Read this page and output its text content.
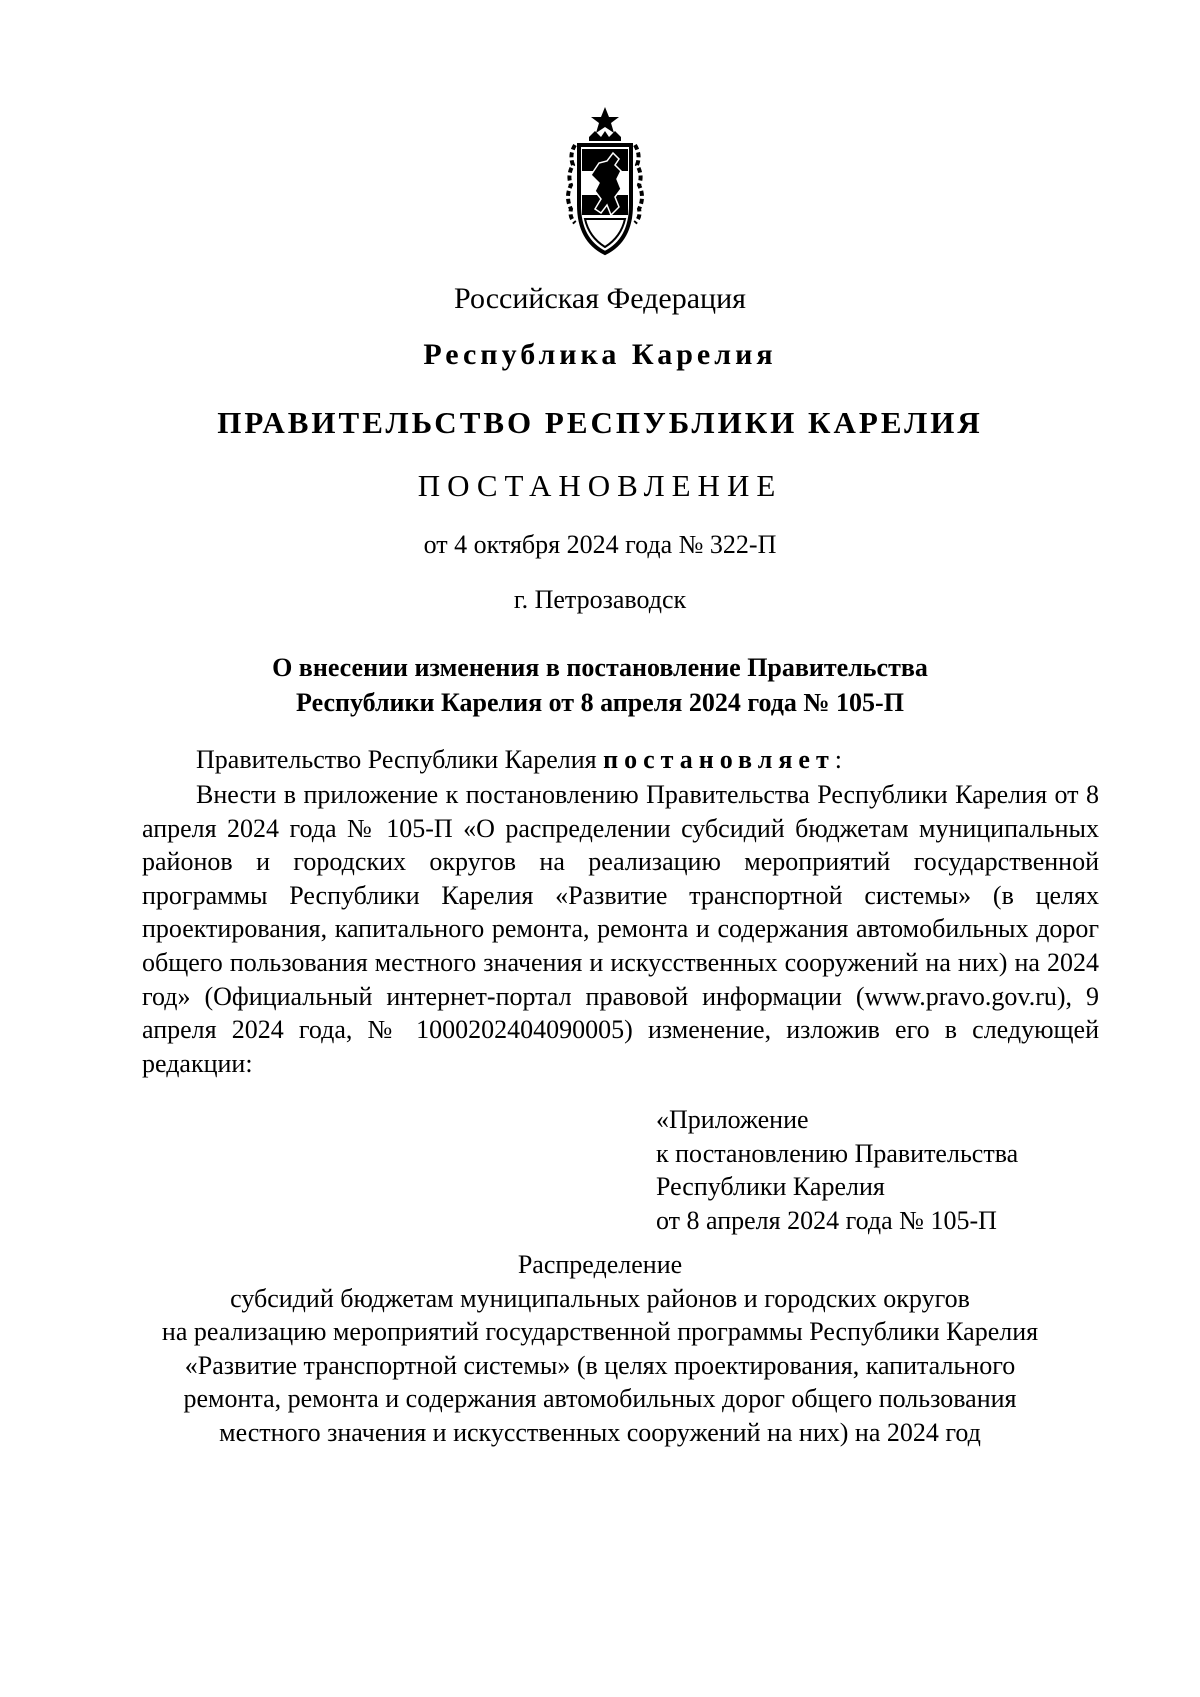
Российская Федерация
Республика Карелия
ПРАВИТЕЛЬСТВО РЕСПУБЛИКИ КАРЕЛИЯ
ПОСТАНОВЛЕНИЕ
от 4 октября 2024 года № 322-П
г. Петрозаводск
О внесении изменения в постановление Правительства
Республики Карелия от 8 апреля 2024 года № 105-П
Правительство Республики Карелия постановляет:
Внести в приложение к постановлению Правительства Республики Карелия от 8 апреля 2024 года № 105-П «О распределении субсидий бюджетам муниципальных районов и городских округов на реализацию мероприятий государственной программы Республики Карелия «Развитие транспортной системы» (в целях проектирования, капитального ремонта, ремонта и содержания автомобильных дорог общего пользования местного значения и искусственных сооружений на них) на 2024 год» (Официальный интернет-портал правовой информации (www.pravo.gov.ru), 9 апреля 2024 года, № 1000202404090005) изменение, изложив его в следующей редакции:
«Приложение
к постановлению Правительства
Республики Карелия
от 8 апреля 2024 года № 105-П
Распределение
субсидий бюджетам муниципальных районов и городских округов
на реализацию мероприятий государственной программы Республики Карелия
«Развитие транспортной системы» (в целях проектирования, капитального
ремонта, ремонта и содержания автомобильных дорог общего пользования
местного значения и искусственных сооружений на них) на 2024 год
